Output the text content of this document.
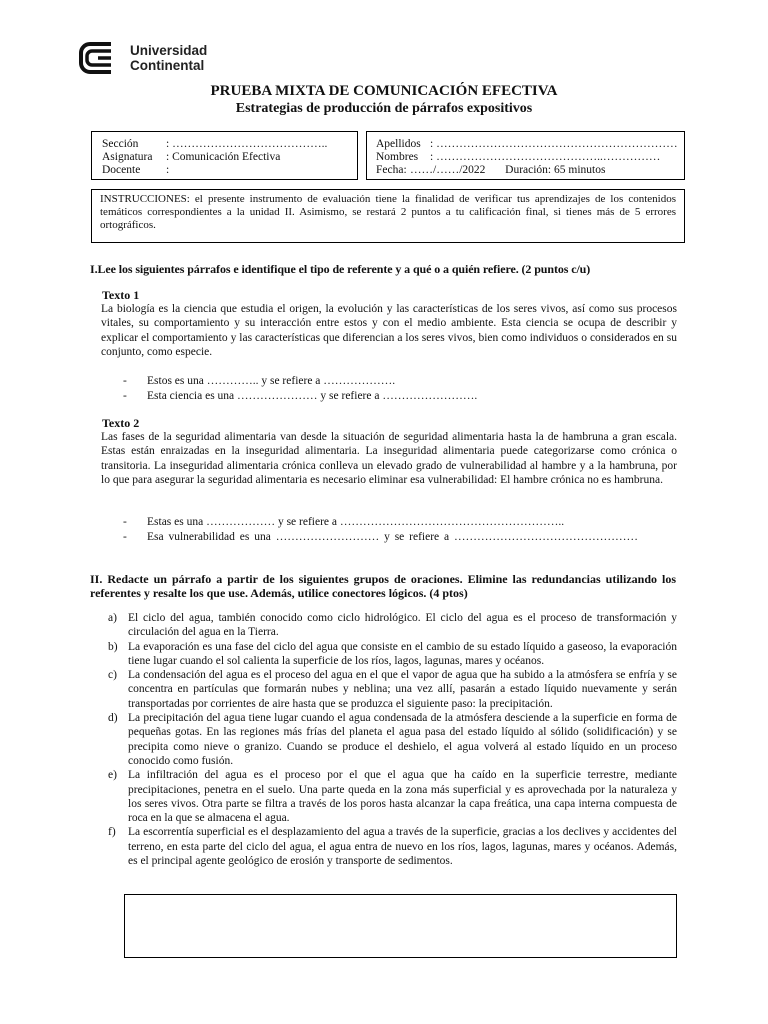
Universidad
Continental
PRUEBA MIXTA DE COMUNICACIÓN EFECTIVA
Estrategias de producción de párrafos expositivos
Sección : …………………………………..
Asignatura : Comunicación Efectiva
Docente :
Apellidos : ………………………………………………………
Nombres : ……………………………………..……………
Fecha: ……/……/2022 Duración: 65 minutos
INSTRUCCIONES: el presente instrumento de evaluación tiene la finalidad de verificar tus aprendizajes de los contenidos temáticos correspondientes a la unidad II. Asimismo, se restará 2 puntos a tu calificación final, si tienes más de 5 errores ortográficos.
I.Lee los siguientes párrafos e identifique el tipo de referente y a qué o a quién refiere. (2 puntos c/u)
Texto 1
La biología es la ciencia que estudia el origen, la evolución y las características de los seres vivos, así como sus procesos vitales, su comportamiento y su interacción entre estos y con el medio ambiente. Esta ciencia se ocupa de describir y explicar el comportamiento y las características que diferencian a los seres vivos, bien como individuos o considerados en su conjunto, como especie.
- Estos es una ………….. y se refiere a ……………….
- Esta ciencia es una ………………… y se refiere a …………………….
Texto 2
Las fases de la seguridad alimentaria van desde la situación de seguridad alimentaria hasta la de hambruna a gran escala. Estas están enraizadas en la inseguridad alimentaria. La inseguridad alimentaria puede categorizarse como crónica o transitoria. La inseguridad alimentaria crónica conlleva un elevado grado de vulnerabilidad al hambre y a la hambruna, por lo que para asegurar la seguridad alimentaria es necesario eliminar esa vulnerabilidad: El hambre crónica no es hambruna.
- Estas es una ……………… y se refiere a …………………………………………………..
-	Esa vulnerabilidad es una ……………………… y se refiere a …………………………………………
II. Redacte un párrafo a partir de los siguientes grupos de oraciones. Elimine las redundancias utilizando los referentes y resalte los que use. Además, utilice conectores lógicos. (4 ptos)
a) El ciclo del agua, también conocido como ciclo hidrológico. El ciclo del agua es el proceso de transformación y circulación del agua en la Tierra.
b) La evaporación es una fase del ciclo del agua que consiste en el cambio de su estado líquido a gaseoso, la evaporación tiene lugar cuando el sol calienta la superficie de los ríos, lagos, lagunas, mares y océanos.
c) La condensación del agua es el proceso del agua en el que el vapor de agua que ha subido a la atmósfera se enfría y se concentra en partículas que formarán nubes y neblina; una vez allí, pasarán a estado líquido nuevamente y serán transportadas por corrientes de aire hasta que se produzca el siguiente paso: la precipitación.
d) La precipitación del agua tiene lugar cuando el agua condensada de la atmósfera desciende a la superficie en forma de pequeñas gotas. En las regiones más frías del planeta el agua pasa del estado líquido al sólido (solidificación) y se precipita como nieve o granizo. Cuando se produce el deshielo, el agua volverá al estado líquido en un proceso conocido como fusión.
e) La infiltración del agua es el proceso por el que el agua que ha caído en la superficie terrestre, mediante precipitaciones, penetra en el suelo. Una parte queda en la zona más superficial y es aprovechada por la naturaleza y los seres vivos. Otra parte se filtra a través de los poros hasta alcanzar la capa freática, una capa interna compuesta de roca en la que se almacena el agua.
f) La escorrentía superficial es el desplazamiento del agua a través de la superficie, gracias a los declives y accidentes del terreno, en esta parte del ciclo del agua, el agua entra de nuevo en los ríos, lagos, lagunas, mares y océanos. Además, es el principal agente geológico de erosión y transporte de sedimentos.
